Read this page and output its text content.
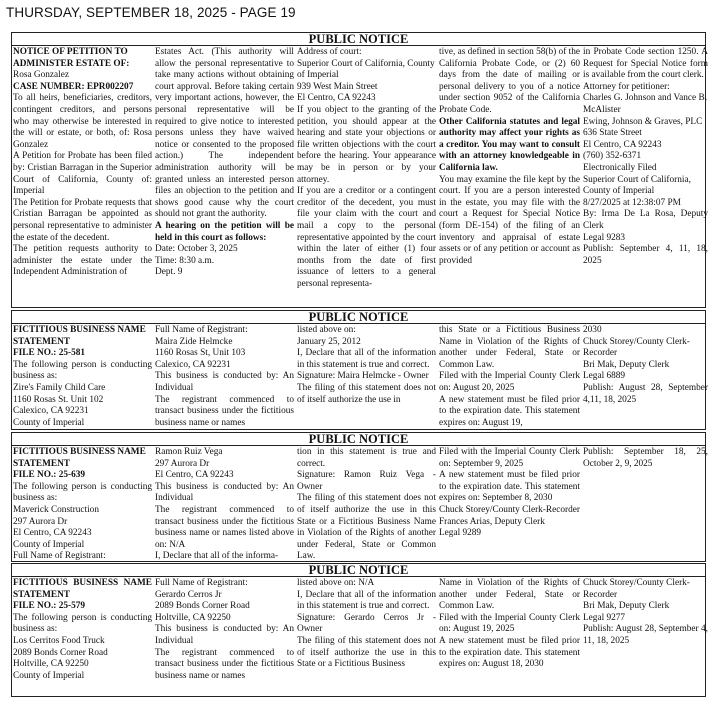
THURSDAY, SEPTEMBER 18, 2025 - PAGE 19
PUBLIC NOTICE

NOTICE OF PETITION TO ADMINISTER ESTATE OF:

Rosa Gonzalez

CASE NUMBER: EPR002207

To all heirs, beneficiaries, creditors, contingent creditors, and persons who may otherwise be interested in the will or estate, or both, of: Rosa Gonzalez

A Petition for Probate has been filed by: Cristian Barragan in the Superior Court of California, County of: Imperial

The Petition for Probate requests that Cristian Barragan be appointed as personal representative to administer the estate of the decedent.

The petition requests authority to administer the estate under the Independent Administration of

Estates Act. (This authority will allow the personal representative to take many actions without obtaining court approval. Before taking certain very important actions, however, the personal representative will be required to give notice to interested persons unless they have waived notice or consented to the proposed action.) The independent administration authority will be granted unless an interested person files an objection to the petition and shows good cause why the court should not grant the authority.

A hearing on the petition will be held in this court as follows:

Date: October 3, 2025

Time: 8:30 a.m.

Dept. 9

Address of court:

Superior Court of California, County of Imperial

939 West Main Street

El Centro, CA 92243

If you object to the granting of the petition, you should appear at the hearing and state your objections or file written objections with the court before the hearing. Your appearance may be in person or by your attorney.

If you are a creditor or a contingent creditor of the decedent, you must file your claim with the court and mail a copy to the personal representative appointed by the court within the later of either (1) four months from the date of first issuance of letters to a general personal representa-

tive, as defined in section 58(b) of the California Probate Code, or (2) 60 days from the date of mailing or personal delivery to you of a notice under section 9052 of the California Probate Code.

Other California statutes and legal authority may affect your rights as a creditor. You may want to consult with an attorney knowledgeable in California law.

You may examine the file kept by the court. If you are a person interested in the estate, you may file with the court a Request for Special Notice (form DE-154) of the filing of an inventory and appraisal of estate assets or of any petition or account as provided

in Probate Code section 1250. A Request for Special Notice form is available from the court clerk.

Attorney for petitioner:

Charles G. Johnson and Vance B. McAlister

Ewing, Johnson & Graves, PLC

636 State Street

El Centro, CA 92243

(760) 352-6371

Electronically Filed

Superior Court of California, County of Imperial

8/27/2025 at 12:38:07 PM

By: Irma De La Rosa, Deputy Clerk

Legal 9283

Publish: September 4, 11, 18, 2025

PUBLIC NOTICE

FICTITIOUS BUSINESS NAME STATEMENT

FILE NO.: 25-581

The following person is conducting business as:

Zire's Family Child Care

1160 Rosas St. Unit 102

Calexico, CA 92231

County of Imperial

Full Name of Registrant:

Maira Zide Helmcke

1160 Rosas St, Unit 103

Calexico, CA 92231

This business is conducted by: An Individual

The registrant commenced to transact business under the fictitious business name or names

listed above on:

January 25, 2012

I, Declare that all of the information in this statement is true and correct.

Signature: Maira Helmcke - Owner

The filing of this statement does not of itself authorize the use in

this State or a Fictitious Business Name in Violation of the Rights of another under Federal, State or Common Law.

Filed with the Imperial County Clerk on: August 20, 2025

A new statement must be filed prior to the expiration date. This statement expires on: August 19,

2030

Chuck Storey/County Clerk-Recorder

Bri Mak, Deputy Clerk

Legal 6889

Publish: August 28, September 4,11, 18, 2025

PUBLIC NOTICE

FICTITIOUS BUSINESS NAME STATEMENT

FILE NO.: 25-639

The following person is conducting business as:

Maverick Construction

297 Aurora Dr

El Centro, CA 92243

County of Imperial

Full Name of Registrant:

Ramon Ruiz Vega

297 Aurora Dr

El Centro, CA 92243

This business is conducted by: An Individual

The registrant commenced to transact business under the fictitious business name or names listed above on: N/A

I, Declare that all of the informa-

tion in this statement is true and correct.

Signature: Ramon Ruiz Vega - Owner

The filing of this statement does not of itself authorize the use in this State or a Fictitious Business Name in Violation of the Rights of another under Federal, State or Common Law.

Filed with the Imperial County Clerk on: September 9, 2025

A new statement must be filed prior to the expiration date. This statement expires on: September 8, 2030

Chuck Storey/County Clerk-Recorder

Frances Arias, Deputy Clerk

Legal 9289

Publish: September 18, 25, October 2, 9, 2025

PUBLIC NOTICE

FICTITIOUS BUSINESS NAME STATEMENT

FILE NO.: 25-579

The following person is conducting business as:

Los Cerritos Food Truck

2089 Bonds Corner Road

Holtville, CA 92250

County of Imperial

Full Name of Registrant:

Gerardo Cerros Jr

2089 Bonds Corner Road

Holtville, CA 92250

This business is conducted by: An Individual

The registrant commenced to transact business under the fictitious business name or names

listed above on: N/A

I, Declare that all of the information in this statement is true and correct.

Signature: Gerardo Cerros Jr - Owner

The filing of this statement does not of itself authorize the use in this State or a Fictitious Business

Name in Violation of the Rights of another under Federal, State or Common Law.

Filed with the Imperial County Clerk on: August 19, 2025

A new statement must be filed prior to the expiration date. This statement expires on: August 18, 2030

Chuck Storey/County Clerk-Recorder

Bri Mak, Deputy Clerk

Legal 9277

Publish: August 28, September 4, 11, 18, 2025
